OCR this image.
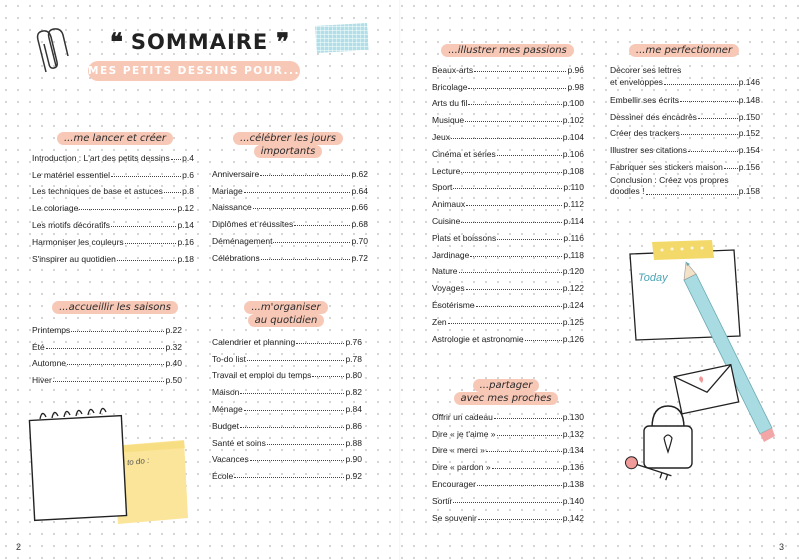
❝ SOMMAIRE ❞
MES PETITS DESSINS POUR...
...me lancer et créer
Introduction : L'art des petits dessins p.4
Le matériel essentiel	p.6
Les techniques de base et astuces p.8
Le coloriage	p.12
Les motifs décoratifs	p.14
Harmoniser les couleurs	p.16
S'inspirer au quotidien	p.18
...célébrer les jours
importants
Anniversaire	p.62
Mariage	p.64
Naissance	p.66
Diplômes et réussites	p.68
Déménagement	p.70
Célébrations	p.72
...accueillir les saisons
Printemps	p.22
Été	p.32
Automne	p.40
Hiver	p.50
...m'organiser
au quotidien
Calendrier et planning	p.76
To-do list	p.78
Travail et emploi du temps	p.80
Maison	p.82
Ménage	p.84
Budget	p.86
Santé et soins	p.88
Vacances	p.90
École	p.92
...illustrer mes passions
Beaux-arts	p.96
Bricolage	p.98
Arts du fil	p.100
Musique	p.102
Jeux	p.104
Cinéma et séries	p.106
Lecture	p.108
Sport	p.110
Animaux	p.112
Cuisine	p.114
Plats et boissons	p.116
Jardinage	p.118
Nature	p.120
Voyages	p.122
Ésotérisme	p.124
Zen	p.125
Astrologie et astronomie	p.126
...partager
avec mes proches
Offrir un cadeau	p.130
Dire « je t'aime »	p.132
Dire « merci »	p.134
Dire « pardon »	p.136
Encourager	p.138
Sortir	p.140
Se souvenir	p.142
...me perfectionner
Décorer ses lettres
et enveloppes	p.146
Embellir ses écrits	p.148
Dessiner des encadrés	p.150
Créer des trackers	p.152
Illustrer ses citations	p.154
Fabriquer ses stickers maison p.156
Conclusion : Créez vos propres
doodles !	p.158
to do :
Today
2	3
